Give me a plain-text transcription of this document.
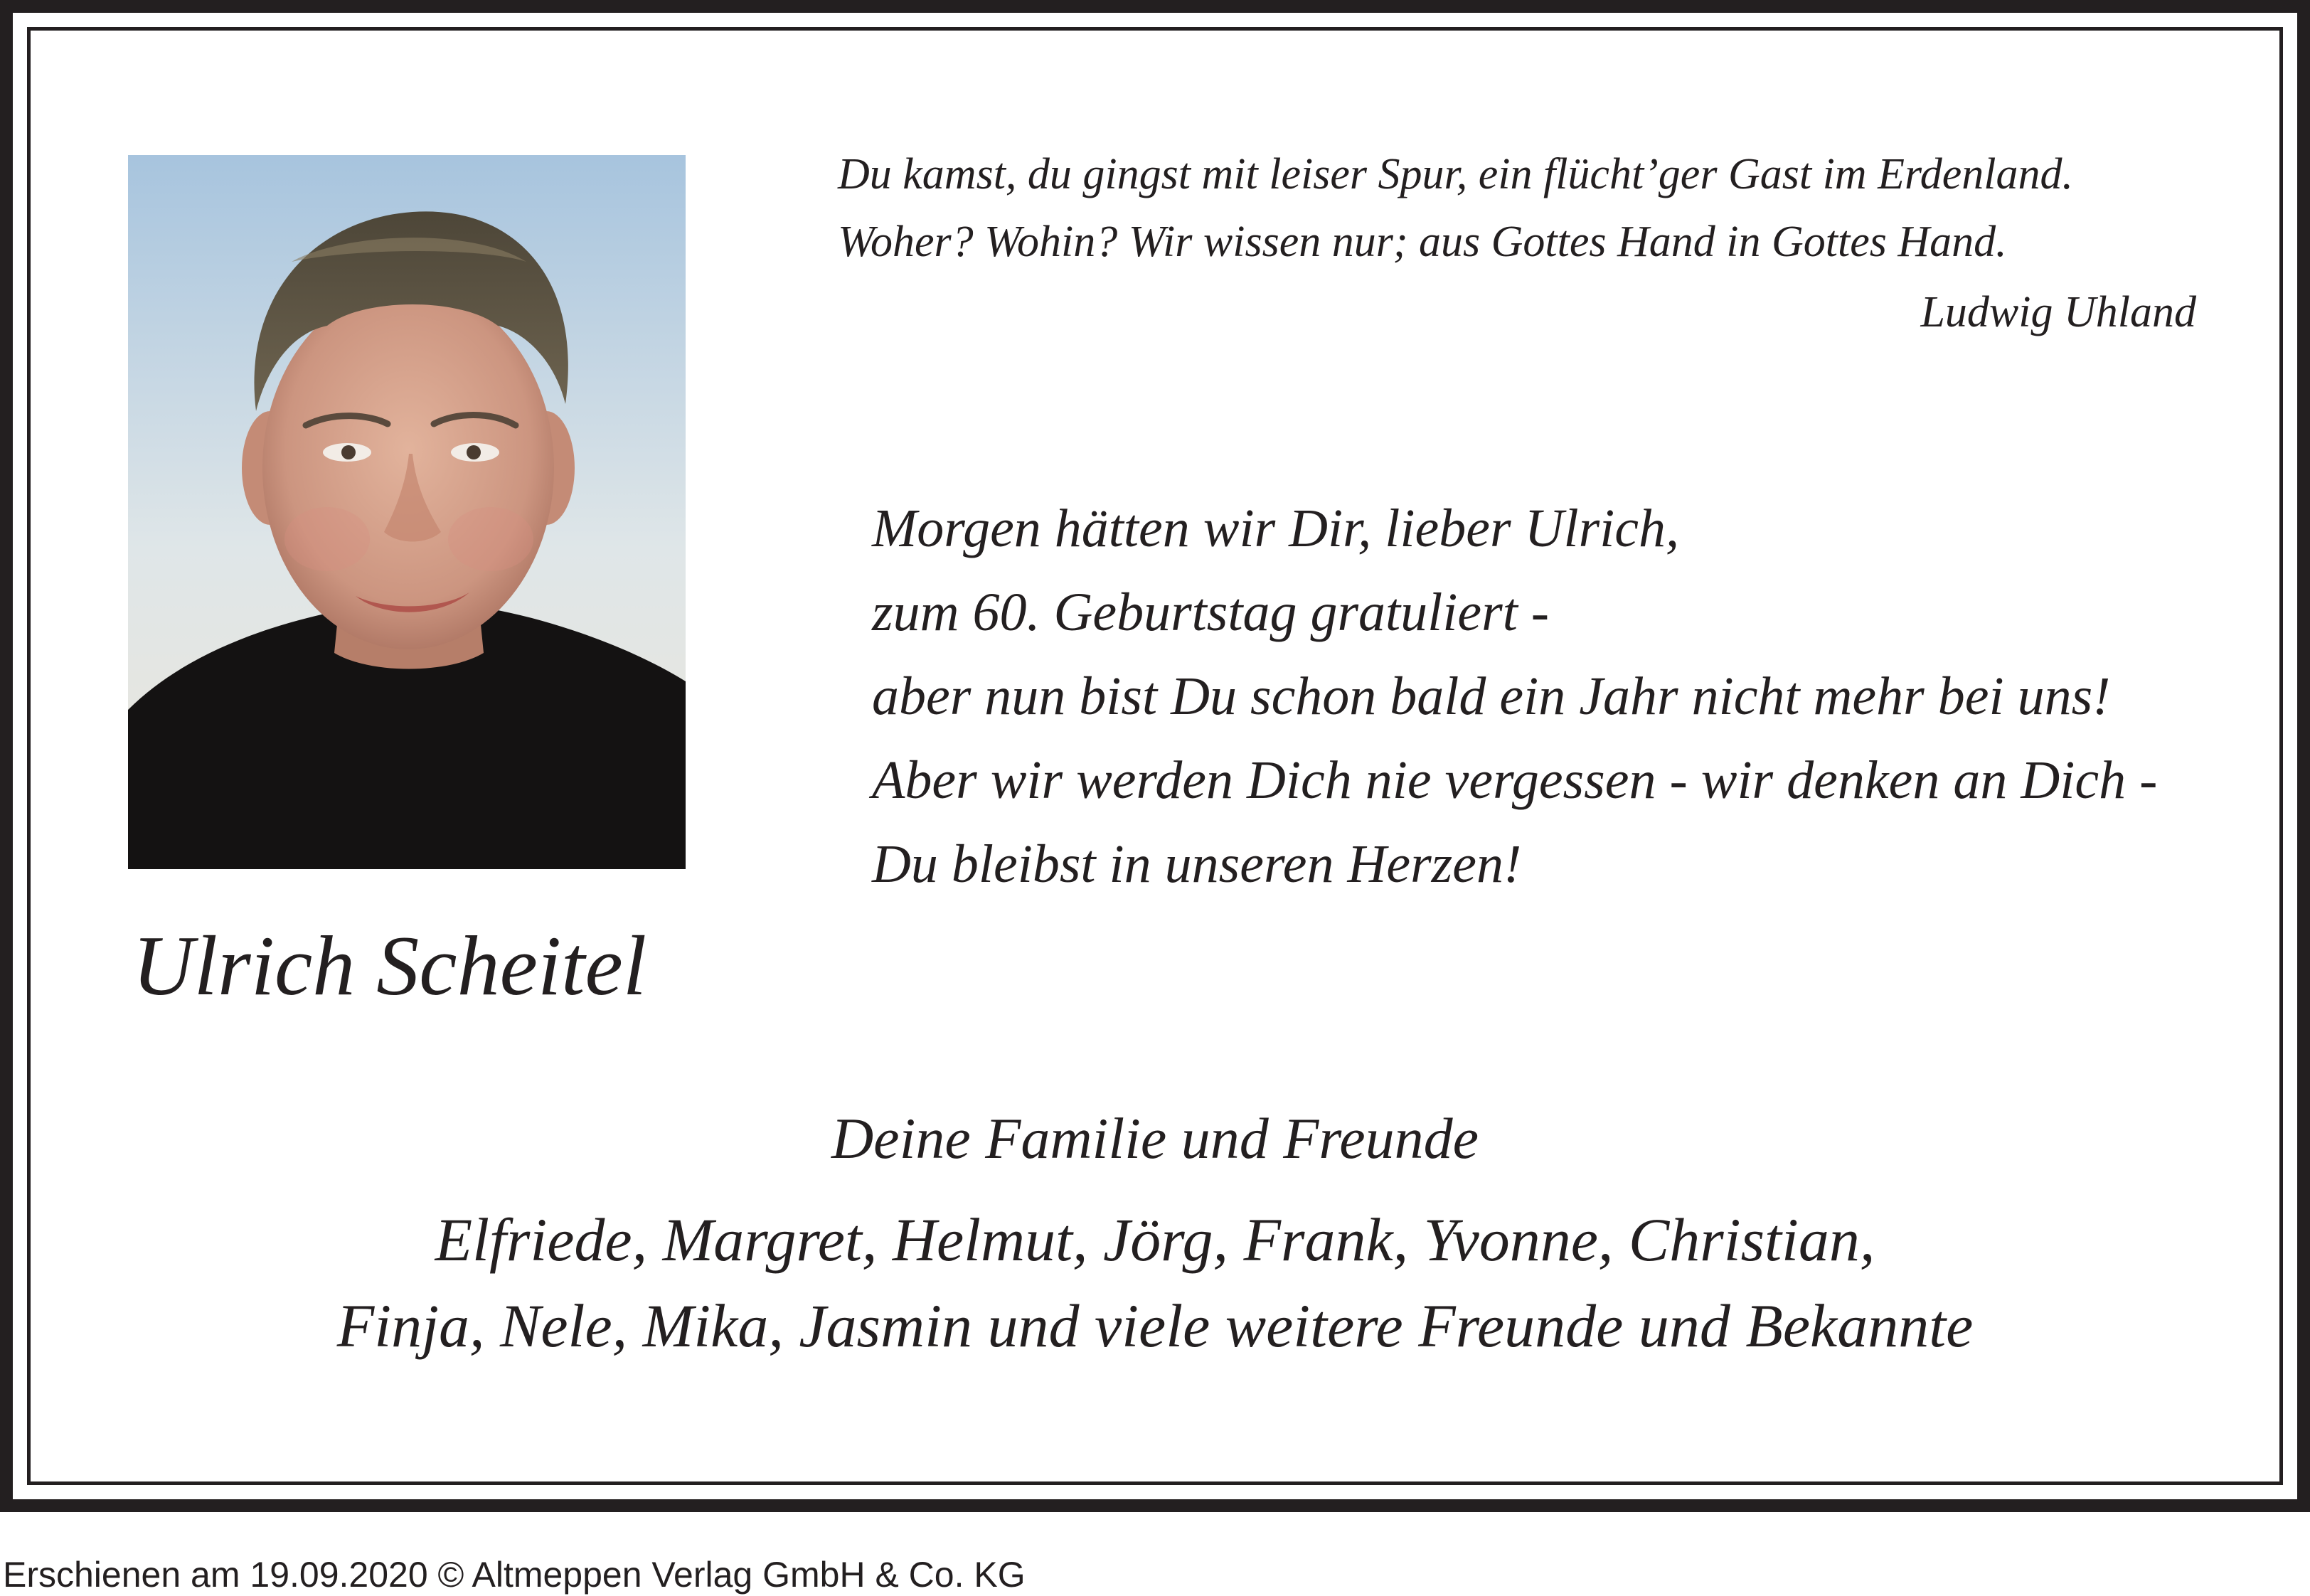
Ulrich Scheitel
Du kamst, du gingst mit leiser Spur, ein flücht’ger Gast im Erdenland.
Woher? Wohin? Wir wissen nur; aus Gottes Hand in Gottes Hand.
Ludwig Uhland
Morgen hätten wir Dir, lieber Ulrich,
zum 60. Geburtstag gratuliert -
aber nun bist Du schon bald ein Jahr nicht mehr bei uns!
Aber wir werden Dich nie vergessen - wir denken an Dich -
Du bleibst in unseren Herzen!
Deine Familie und Freunde
Elfriede, Margret, Helmut, Jörg, Frank, Yvonne, Christian,
Finja, Nele, Mika, Jasmin und viele weitere Freunde und Bekannte
Erschienen am 19.09.2020 © Altmeppen Verlag GmbH & Co. KG
